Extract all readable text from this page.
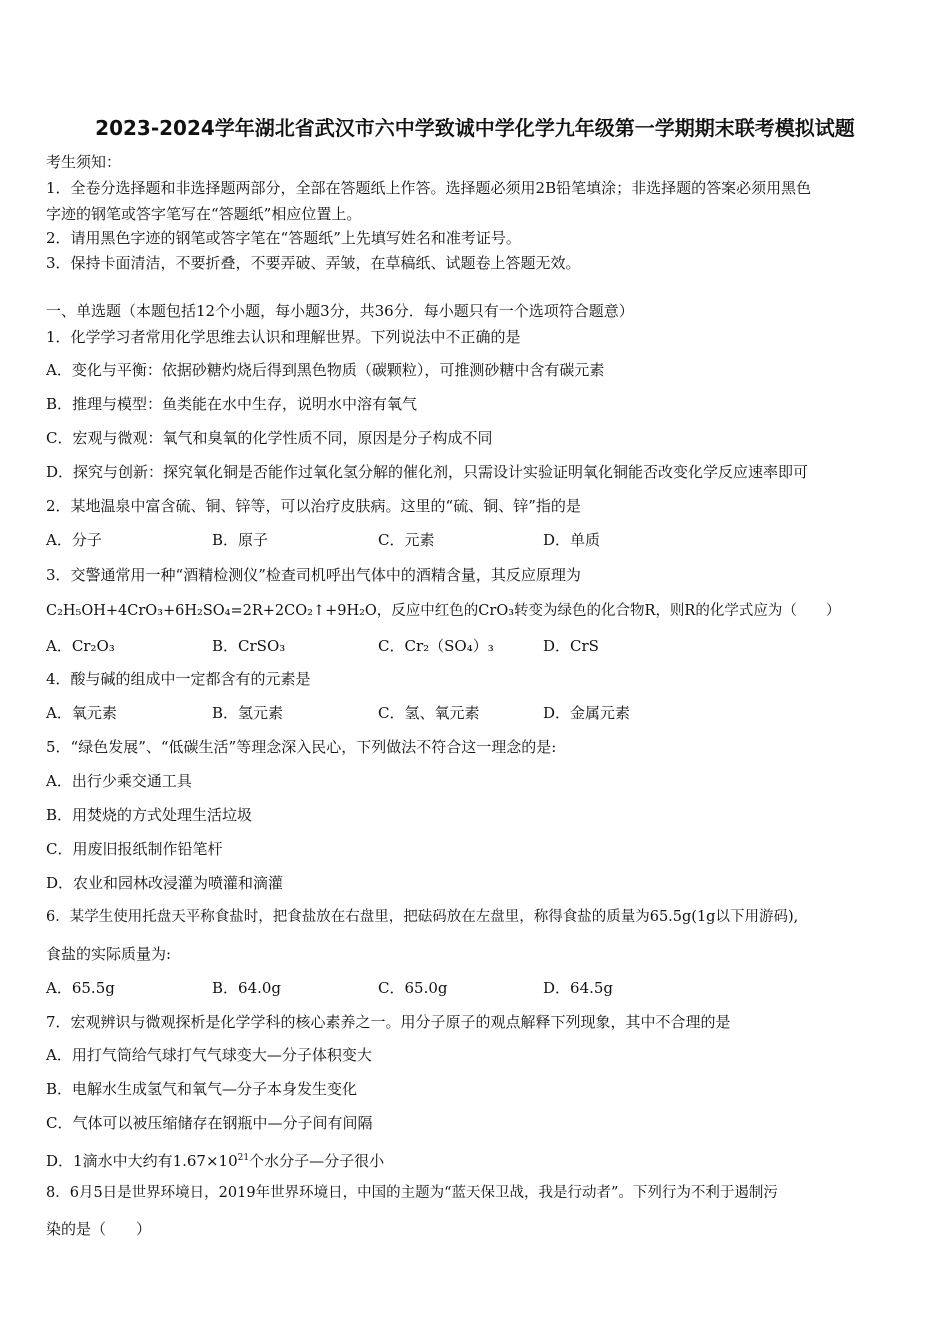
2023-2024学年湖北省武汉市六中学致诚中学化学九年级第一学期期末联考模拟试题
考生须知：
1．全卷分选择题和非选择题两部分，全部在答题纸上作答。选择题必须用2B铅笔填涂；非选择题的答案必须用黑色
字迹的钢笔或答字笔写在“答题纸”相应位置上。
2．请用黑色字迹的钢笔或答字笔在“答题纸”上先填写姓名和准考证号。
3．保持卡面清洁，不要折叠，不要弄破、弄皱，在草稿纸、试题卷上答题无效。
一、单选题（本题包括12个小题，每小题3分，共36分．每小题只有一个选项符合题意）
1．化学学习者常用化学思维去认识和理解世界。下列说法中不正确的是
A．变化与平衡：依据砂糖灼烧后得到黑色物质（碳颗粒），可推测砂糖中含有碳元素
B．推理与模型：鱼类能在水中生存，说明水中溶有氧气
C．宏观与微观：氧气和臭氧的化学性质不同，原因是分子构成不同
D．探究与创新：探究氧化铜是否能作过氧化氢分解的催化剂，只需设计实验证明氧化铜能否改变化学反应速率即可
2．某地温泉中富含硫、铜、锌等，可以治疗皮肤病。这里的“硫、铜、锌”指的是
A．分子	B．原子	C．元素	D．单质
3．交警通常用一种“酒精检测仪”检查司机呼出气体中的酒精含量，其反应原理为
C₂H₅OH+4CrO₃+6H₂SO₄=2R+2CO₂↑+9H₂O，反应中红色的CrO₃转变为绿色的化合物R，则R的化学式应为（　　）
A．Cr₂O₃	B．CrSO₃	C．Cr₂（SO₄）₃	D．CrS
4．酸与碱的组成中一定都含有的元素是
A．氧元素	B．氢元素	C．氢、氧元素	D．金属元素
5．“绿色发展”、“低碳生活”等理念深入民心，下列做法不符合这一理念的是:
A．出行少乘交通工具
B．用焚烧的方式处理生活垃圾
C．用废旧报纸制作铅笔杆
D．农业和园林改浸灌为喷灌和滴灌
6．某学生使用托盘天平称食盐时，把食盐放在右盘里，把砝码放在左盘里，称得食盐的质量为65.5g(1g以下用游码),
食盐的实际质量为:
A．65.5g	B．64.0g	C．65.0g	D．64.5g
7．宏观辨识与微观探析是化学学科的核心素养之一。用分子原子的观点解释下列现象，其中不合理的是
A．用打气筒给气球打气气球变大—分子体积变大
B．电解水生成氢气和氧气—分子本身发生变化
C．气体可以被压缩储存在钢瓶中—分子间有间隔
D．1滴水中大约有$1.67\times 10^{21}$个水分子—分子很小
8．6月5日是世界环境日，2019年世界环境日，中国的主题为“蓝天保卫战，我是行动者”。下列行为不利于遏制污
染的是（　　）
